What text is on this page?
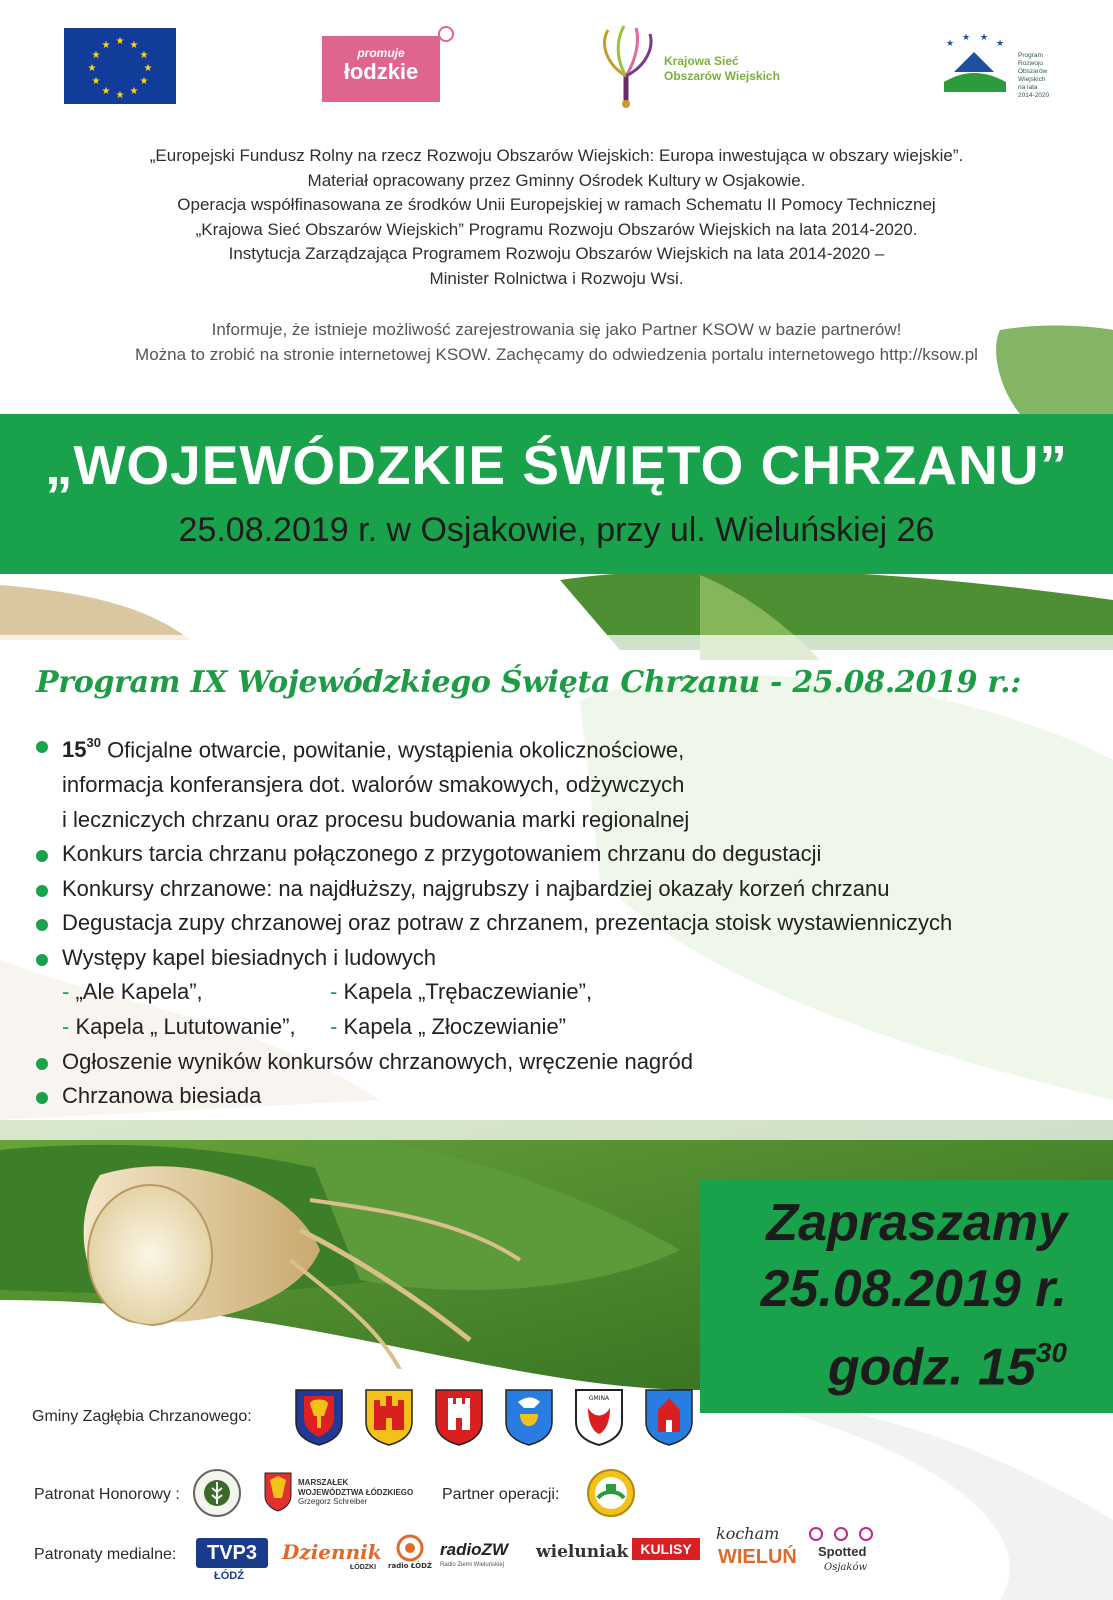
★ ★
★
★
★
★
★
★
★
★
★
★
promuje
łodzkie	Krajowa Sieć
Obszarów Wiejskich
★
★ ★
★
Program
Rozwoju
Obszarów
Wiejskich
na lata 2014-2020
„Europejski Fundusz Rolny na rzecz Rozwoju Obszarów Wiejskich: Europa inwestująca w obszary wiejskie”.
Materiał opracowany przez Gminny Ośrodek Kultury w Osjakowie.
Operacja współfinasowana ze środków Unii Europejskiej w ramach Schematu II Pomocy Technicznej
„Krajowa Sieć Obszarów Wiejskich” Programu Rozwoju Obszarów Wiejskich na lata 2014-2020.
Instytucja Zarządzająca Programem Rozwoju Obszarów Wiejskich na lata 2014-2020 –
Minister Rolnictwa i Rozwoju Wsi.
Informuje, że istnieje możliwość zarejestrowania się jako Partner KSOW w bazie partnerów!
Można to zrobić na stronie internetowej KSOW. Zachęcamy do odwiedzenia portalu internetowego http://ksow.pl
„WOJEWÓDZKIE ŚWIĘTO CHRZANU”
25.08.2019 r. w Osjakowie, przy ul. Wieluńskiej 26
Program IX Wojewódzkiego Święta Chrzanu - 25.08.2019 r.:
$15^{30}$ Oficjalne otwarcie, powitanie, wystąpienia okolicznościowe,
informacja konferansjera dot. walorów smakowych, odżywczych
i leczniczych chrzanu oraz procesu budowania marki regionalnej
Konkurs tarcia chrzanu połączonego z przygotowaniem chrzanu do degustacji
Konkursy chrzanowe: na najdłuższy, najgrubszy i najbardziej okazały korzeń chrzanu
Degustacja zupy chrzanowej oraz potraw z chrzanem, prezentacja stoisk wystawienniczych
Występy kapel biesiadnych i ludowych
- „Ale Kapela”,	- Kapela „Trębaczewianie”,
- Kapela „ Lututowanie”,	- Kapela „ Złoczewianie”
Ogłoszenie wyników konkursów chrzanowych, wręczenie nagród
Chrzanowa biesiada
Zapraszamy
25.08.2019 r.
godz. $15^{30}$
Gminy Zagłębia Chrzanowego:
GMINA
Patronat Honorowy :
MARSZAŁEK
WOJEWÓDZTWA ŁÓDZKIEGO
Grzegorz Schreiber	Partner operacji:
Patronaty medialne:	TVP3
ŁÓDŹ
Dziennik
ŁÓDZKI radio ŁÓDŹ
radioZW
Radio Ziemi Wieluńskiej
wieluniak KULISY
kocham
WIELUŃ Spotted
Osjaków
